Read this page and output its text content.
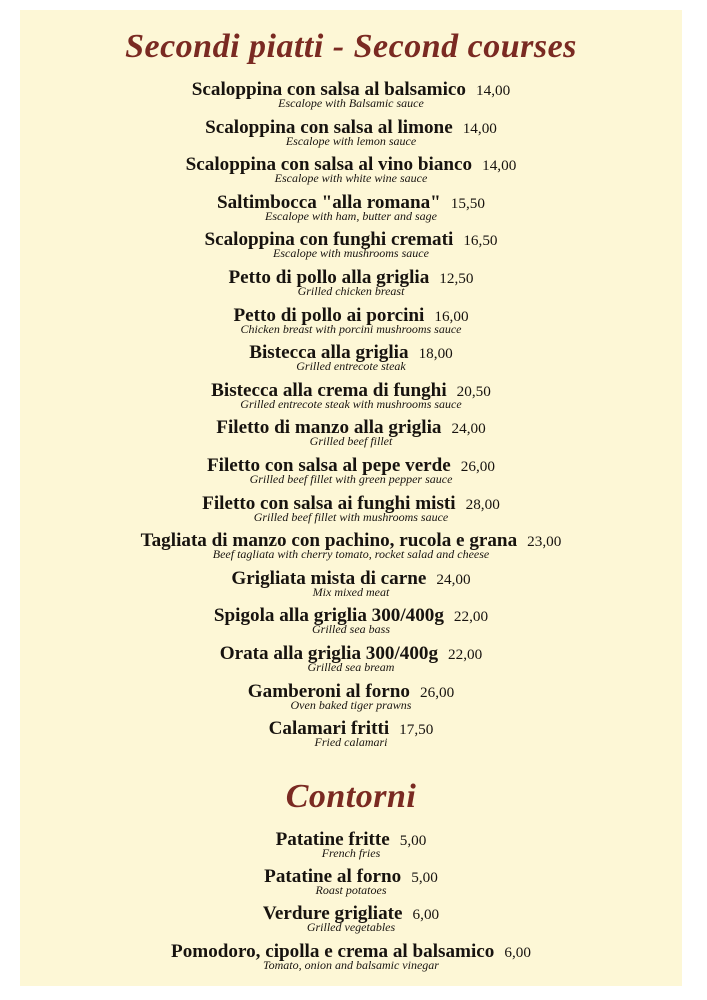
Secondi piatti - Second courses
Scaloppina con salsa al balsamico 14,00
Escalope with Balsamic sauce
Scaloppina con salsa al limone 14,00
Escalope with lemon sauce
Scaloppina con salsa al vino bianco 14,00
Escalope with white wine sauce
Saltimbocca "alla romana" 15,50
Escalope with ham, butter and sage
Scaloppina con funghi cremati 16,50
Escalope with mushrooms sauce
Petto di pollo alla griglia 12,50
Grilled chicken breast
Petto di pollo ai porcini 16,00
Chicken breast with porcini mushrooms sauce
Bistecca alla griglia 18,00
Grilled entrecote steak
Bistecca alla crema di funghi 20,50
Grilled entrecote steak with mushrooms sauce
Filetto di manzo alla griglia 24,00
Grilled beef fillet
Filetto con salsa al pepe verde 26,00
Grilled beef fillet with green pepper sauce
Filetto con salsa ai funghi misti 28,00
Grilled beef fillet with mushrooms sauce
Tagliata di manzo con pachino, rucola e grana 23,00
Beef tagliata with cherry tomato, rocket salad and cheese
Grigliata mista di carne 24,00
Mix mixed meat
Spigola alla griglia 300/400g 22,00
Grilled sea bass
Orata alla griglia 300/400g 22,00
Grilled sea bream
Gamberoni al forno 26,00
Oven baked tiger prawns
Calamari fritti 17,50
Fried calamari
Contorni
Patatine fritte 5,00
French fries
Patatine al forno 5,00
Roast potatoes
Verdure grigliate 6,00
Grilled vegetables
Pomodoro, cipolla e crema al balsamico 6,00
Tomato, onion and balsamic vinegar
